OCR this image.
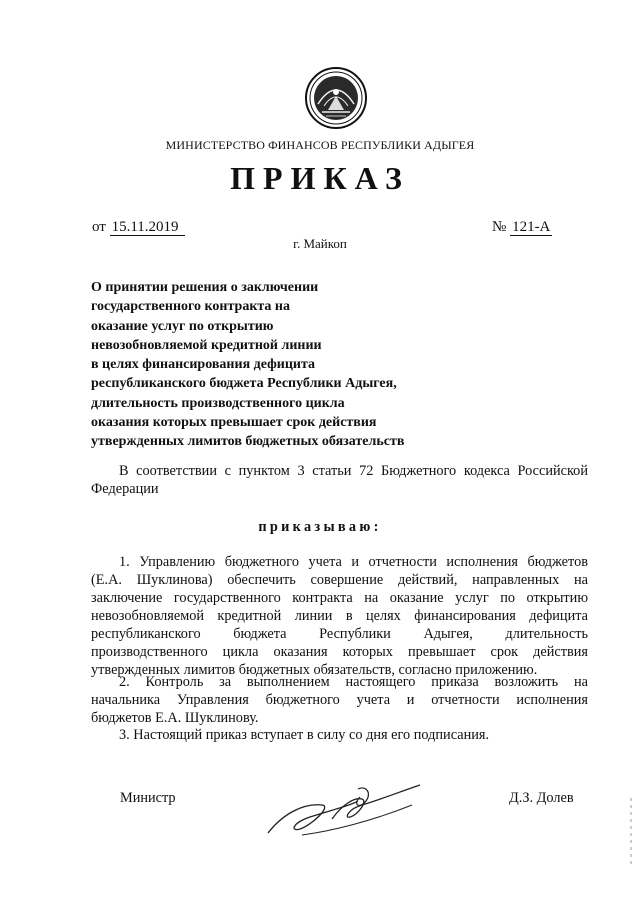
МИНИСТЕРСТВО ФИНАНСОВ РЕСПУБЛИКИ АДЫГЕЯ
ПРИКАЗ
от 15.11.2019	№ 121-А
г. Майкоп
О принятии решения о заключении
государственного контракта на
оказание услуг по открытию
невозобновляемой кредитной линии
в целях финансирования дефицита
республиканского бюджета Республики Адыгея,
длительность производственного цикла
оказания которых превышает срок действия
утвержденных лимитов бюджетных обязательств
В соответствии с пунктом 3 статьи 72 Бюджетного кодекса Российской
Федерации
приказываю:
1. Управлению бюджетного учета и отчетности исполнения бюджетов
(Е.А. Шуклинова) обеспечить совершение действий, направленных на
заключение государственного контракта на оказание услуг по открытию
невозобновляемой кредитной линии в целях финансирования дефицита
республиканского бюджета Республики Адыгея, длительность
производственного цикла оказания которых превышает срок действия
утвержденных лимитов бюджетных обязательств, согласно приложению.
2. Контроль за выполнением настоящего приказа возложить на
начальника Управления бюджетного учета и отчетности исполнения
бюджетов Е.А. Шуклинову.
3. Настоящий приказ вступает в силу со дня его подписания.
Министр	Д.З. Долев
